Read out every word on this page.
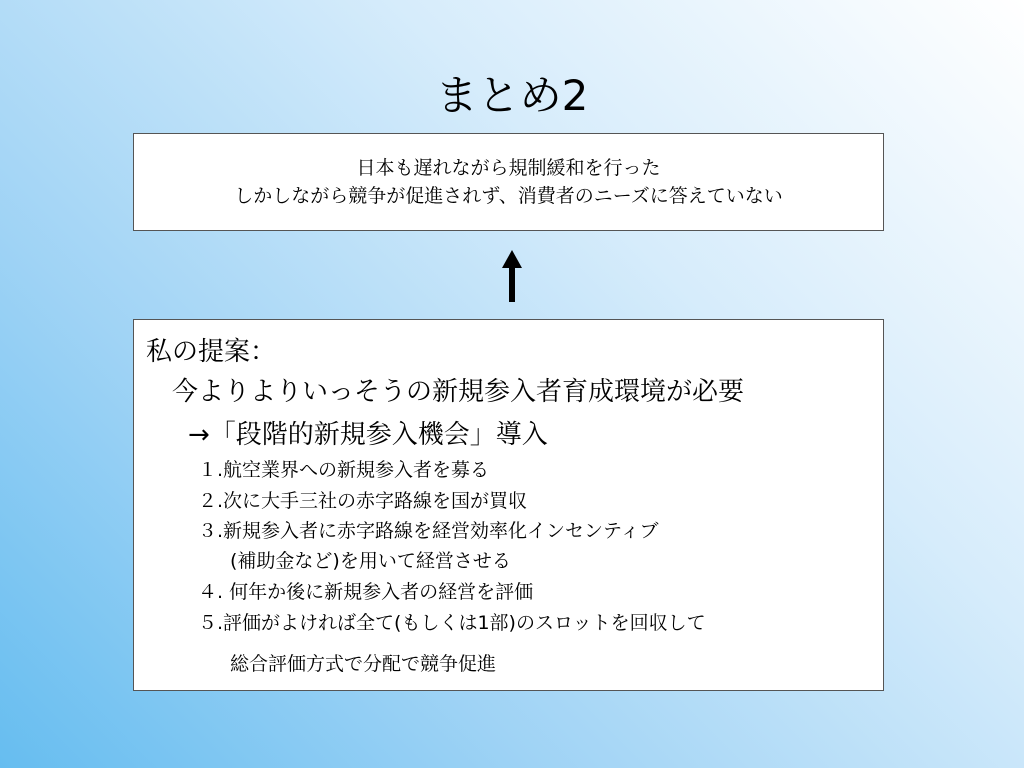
まとめ2
日本も遅れながら規制緩和を行った
しかしながら競争が促進されず、消費者のニーズに答えていない
私の提案：
今よりよりいっそうの新規参入者育成環境が必要
→「段階的新規参入機会」導入
１.航空業界への新規参入者を募る
２.次に大手三社の赤字路線を国が買収
３.新規参入者に赤字路線を経営効率化インセンティブ
(補助金など)を用いて経営させる
４. 何年か後に新規参入者の経営を評価
５.評価がよければ全て(もしくは1部)のスロットを回収して
総合評価方式で分配で競争促進
